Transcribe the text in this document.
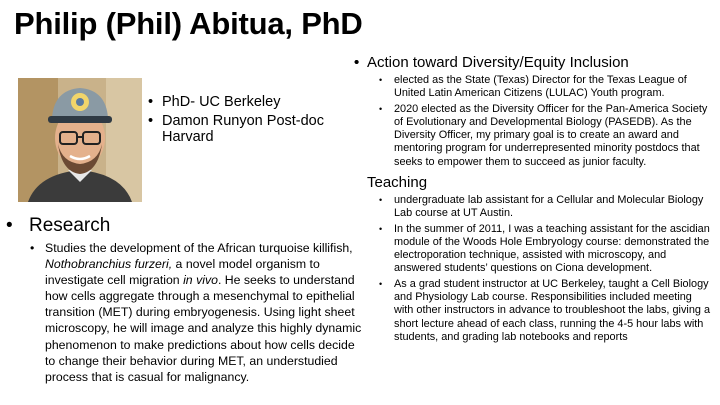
Philip (Phil) Abitua, PhD
• PhD- UC Berkeley
• Damon Runyon Post-doc Harvard
• Research
• Studies the development of the African turquoise killifish, Nothobranchius furzeri, a novel model organism to investigate cell migration in vivo. He seeks to understand how cells aggregate through a mesenchymal to epithelial transition (MET) during embryogenesis. Using light sheet microscopy, he will image and analyze this highly dynamic phenomenon to make predictions about how cells decide to change their behavior during MET, an understudied process that is casual for malignancy.
• Action toward Diversity/Equity Inclusion
• elected as the State (Texas) Director for the Texas League of United Latin American Citizens (LULAC) Youth program.
• 2020 elected as the Diversity Officer for the Pan-America Society of Evolutionary and Developmental Biology (PASEDB). As the Diversity Officer, my primary goal is to create an award and mentoring program for underrepresented minority postdocs that seeks to empower them to succeed as junior faculty.
• Teaching
• undergraduate lab assistant for a Cellular and Molecular Biology Lab course at UT Austin.
• In the summer of 2011, I was a teaching assistant for the ascidian module of the Woods Hole Embryology course: demonstrated the electroporation technique, assisted with microscopy, and answered students’ questions on Ciona development.
• As a grad student instructor at UC Berkeley, taught a Cell Biology and Physiology Lab course. Responsibilities included meeting with other instructors in advance to troubleshoot the labs, giving a short lecture ahead of each class, running the 4-5 hour labs with students, and grading lab notebooks and reports
